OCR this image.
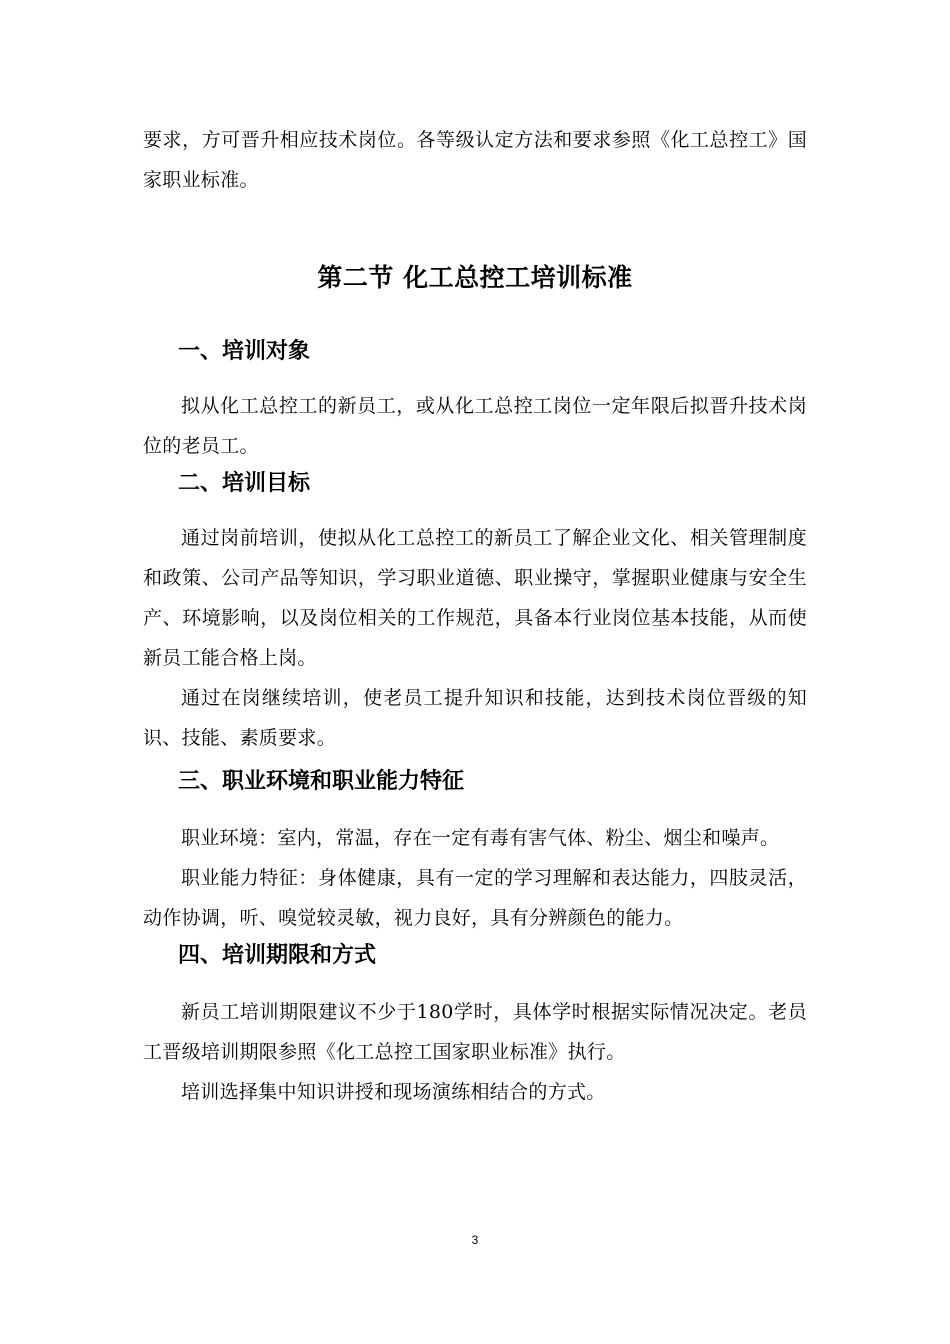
要求，方可晋升相应技术岗位。各等级认定方法和要求参照《化工总控工》国家职业标准。

第二节 化工总控工培训标准
一、培训对象

拟从化工总控工的新员工，或从化工总控工岗位一定年限后拟晋升技术岗位的老员工。

二、培训目标

通过岗前培训，使拟从化工总控工的新员工了解企业文化、相关管理制度和政策、公司产品等知识，学习职业道德、职业操守，掌握职业健康与安全生产、环境影响，以及岗位相关的工作规范，具备本行业岗位基本技能，从而使新员工能合格上岗。

通过在岗继续培训，使老员工提升知识和技能，达到技术岗位晋级的知识、技能、素质要求。

三、职业环境和职业能力特征

职业环境：室内，常温，存在一定有毒有害气体、粉尘、烟尘和噪声。

职业能力特征：身体健康，具有一定的学习理解和表达能力，四肢灵活，动作协调，听、嗅觉较灵敏，视力良好，具有分辨颜色的能力。

四、培训期限和方式

新员工培训期限建议不少于180学时，具体学时根据实际情况决定。老员工晋级培训期限参照《化工总控工国家职业标准》执行。

培训选择集中知识讲授和现场演练相结合的方式。

3
